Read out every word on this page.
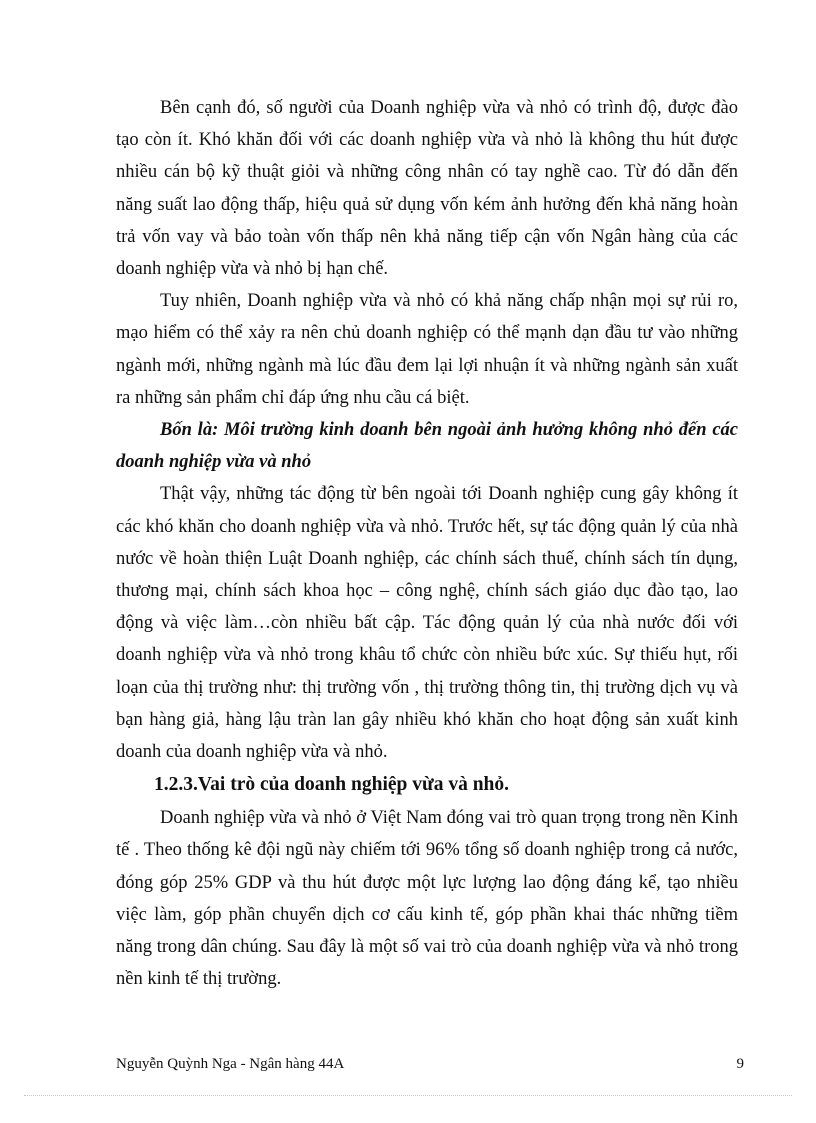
Bên cạnh đó, số người của Doanh nghiệp vừa và nhỏ có trình độ, được đào tạo còn ít. Khó khăn đối với các doanh nghiệp vừa và nhỏ là không thu hút được nhiều cán bộ kỹ thuật giỏi và những công nhân có tay nghề cao. Từ đó dẫn đến năng suất lao động thấp, hiệu quả sử dụng vốn kém ảnh hưởng đến khả năng hoàn trả vốn vay và bảo toàn vốn thấp nên khả năng tiếp cận vốn Ngân hàng của các doanh nghiệp vừa và nhỏ bị hạn chế.

Tuy nhiên, Doanh nghiệp vừa và nhỏ có khả năng chấp nhận mọi sự rủi ro, mạo hiểm có thể xảy ra nên chủ doanh nghiệp có thể mạnh dạn đầu tư vào những ngành mới, những ngành mà lúc đầu đem lại lợi nhuận ít và những ngành sản xuất ra những sản phẩm chỉ đáp ứng nhu cầu cá biệt.

Bốn là: Môi trường kinh doanh bên ngoài ảnh hưởng không nhỏ đến các doanh nghiệp vừa và nhỏ

Thật vậy, những tác động từ bên ngoài tới Doanh nghiệp cung gây không ít các khó khăn cho doanh nghiệp vừa và nhỏ. Trước hết, sự tác động quản lý của nhà nước về hoàn thiện Luật Doanh nghiệp, các chính sách thuế, chính sách tín dụng, thương mại, chính sách khoa học – công nghệ, chính sách giáo dục đào tạo, lao động và việc làm…còn nhiều bất cập. Tác động quản lý của nhà nước đối với doanh nghiệp vừa và nhỏ trong khâu tổ chức còn nhiều bức xúc. Sự thiếu hụt, rối loạn của thị trường như: thị trường vốn , thị trường thông tin, thị trường dịch vụ và bạn hàng giả, hàng lậu tràn lan gây nhiều khó khăn cho hoạt động sản xuất kinh doanh của doanh nghiệp vừa và nhỏ.

1.2.3.Vai trò của doanh nghiệp vừa và nhỏ.

Doanh nghiệp vừa và nhỏ ở Việt Nam đóng vai trò quan trọng trong nền Kinh tế . Theo thống kê đội ngũ này chiếm tới 96% tổng số doanh nghiệp trong cả nước, đóng góp 25% GDP và thu hút được một lực lượng lao động đáng kể, tạo nhiều việc làm, góp phần chuyển dịch cơ cấu kinh tế, góp phần khai thác những tiềm năng trong dân chúng. Sau đây là một số vai trò của doanh nghiệp vừa và nhỏ trong nền kinh tế thị trường.

Nguyễn Quỳnh Nga - Ngân hàng 44A	9
